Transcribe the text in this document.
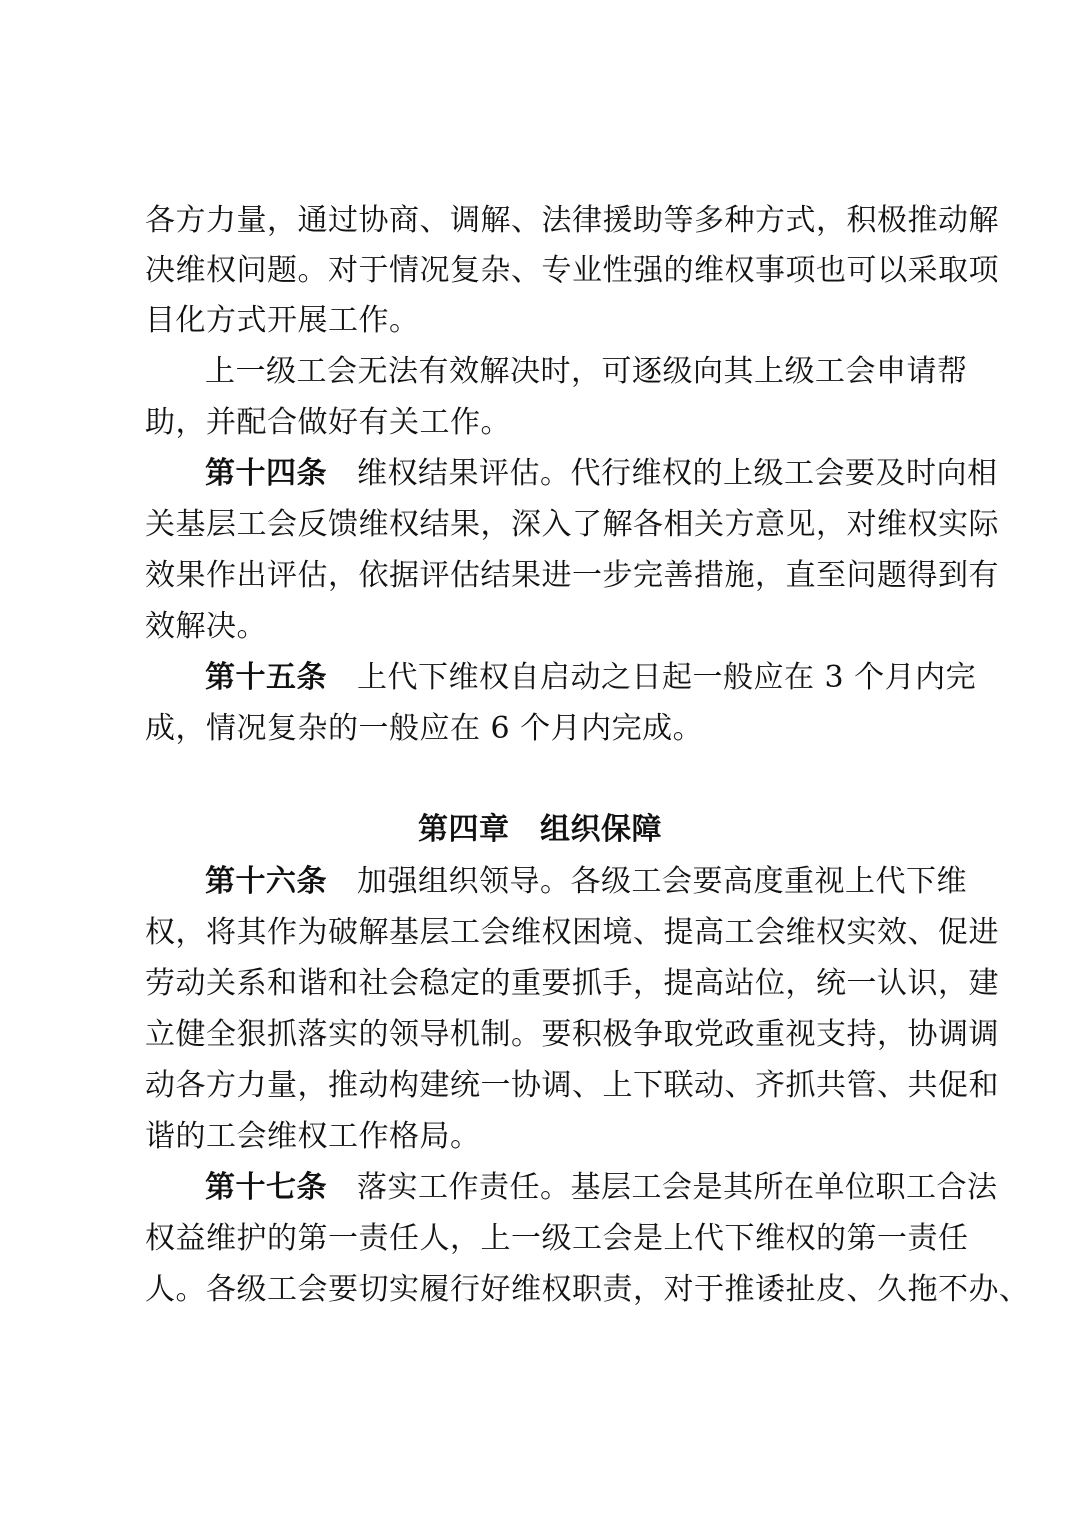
各方力量，通过协商、调解、法律援助等多种方式，积极推动解
决维权问题。对于情况复杂、专业性强的维权事项也可以采取项
目化方式开展工作。
上一级工会无法有效解决时，可逐级向其上级工会申请帮
助，并配合做好有关工作。
第十四条 维权结果评估。代行维权的上级工会要及时向相
关基层工会反馈维权结果，深入了解各相关方意见，对维权实际
效果作出评估，依据评估结果进一步完善措施，直至问题得到有
效解决。
第十五条 上代下维权自启动之日起一般应在 3 个月内完
成，情况复杂的一般应在 6 个月内完成。
第四章　组织保障
第十六条 加强组织领导。各级工会要高度重视上代下维
权，将其作为破解基层工会维权困境、提高工会维权实效、促进
劳动关系和谐和社会稳定的重要抓手，提高站位，统一认识，建
立健全狠抓落实的领导机制。要积极争取党政重视支持，协调调
动各方力量，推动构建统一协调、上下联动、齐抓共管、共促和
谐的工会维权工作格局。
第十七条 落实工作责任。基层工会是其所在单位职工合法
权益维护的第一责任人，上一级工会是上代下维权的第一责任
人。各级工会要切实履行好维权职责，对于推诿扯皮、久拖不办、
